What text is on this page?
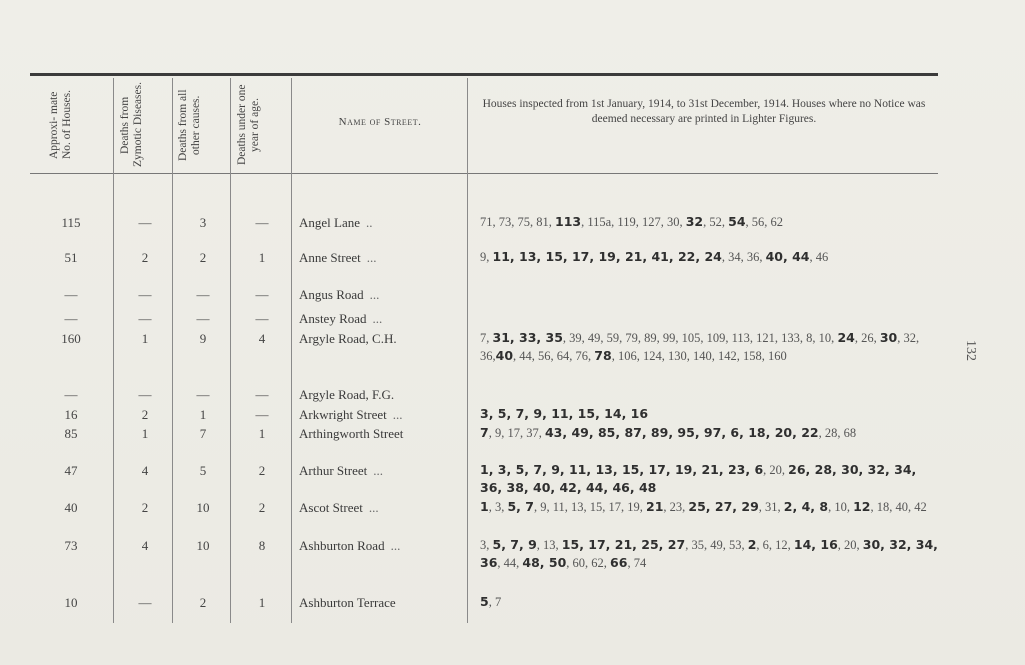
Approxi- mate No. of Houses.	Deaths from Zymotic Diseases.	Deaths from all other causes.	Deaths under one year of age.	Name of Street.
Houses inspected from 1st January, 1914, to 31st December, 1914. Houses where no Notice was deemed necessary are printed in Lighter Figures.
115	—	3	—	Angel Lane ..	71, 73, 75, 81, 113, 115a, 119, 127, 30, 32, 52, 54, 56, 62
51	2	2	1	Anne Street ...	9, 11, 13, 15, 17, 19, 21, 41, 22, 24, 34, 36, 40, 44, 46
—	—	—	—	Angus Road ...
—	—	—	—	Anstey Road ...
160	1	9	4	Argyle Road, C.H.	7, 31, 33, 35, 39, 49, 59, 79, 89, 99, 105, 109, 113, 121, 133, 8, 10, 24, 26, 30, 32, 36,40, 44, 56, 64, 76, 78, 106, 124, 130, 140, 142, 158, 160
—	—	—	—	Argyle Road, F.G.
16	2	1	—	Arkwright Street ...	3, 5, 7, 9, 11, 15, 14, 16
85	1	7	1	Arthingworth Street	7, 9, 17, 37, 43, 49, 85, 87, 89, 95, 97, 6, 18, 20, 22, 28, 68
47	4	5	2	Arthur Street ...	1, 3, 5, 7, 9, 11, 13, 15, 17, 19, 21, 23, 6, 20, 26, 28, 30, 32, 34, 36, 38, 40, 42, 44, 46, 48
40	2	10	2	Ascot Street ...	1, 3, 5, 7, 9, 11, 13, 15, 17, 19, 21, 23, 25, 27, 29, 31, 2, 4, 8, 10, 12, 18, 40, 42
73	4	10	8	Ashburton Road ...	3, 5, 7, 9, 13, 15, 17, 21, 25, 27, 35, 49, 53, 2, 6, 12, 14, 16, 20, 30, 32, 34, 36, 44, 48, 50, 60, 62, 66, 74
10	—	2	1	Ashburton Terrace	5, 7
132
